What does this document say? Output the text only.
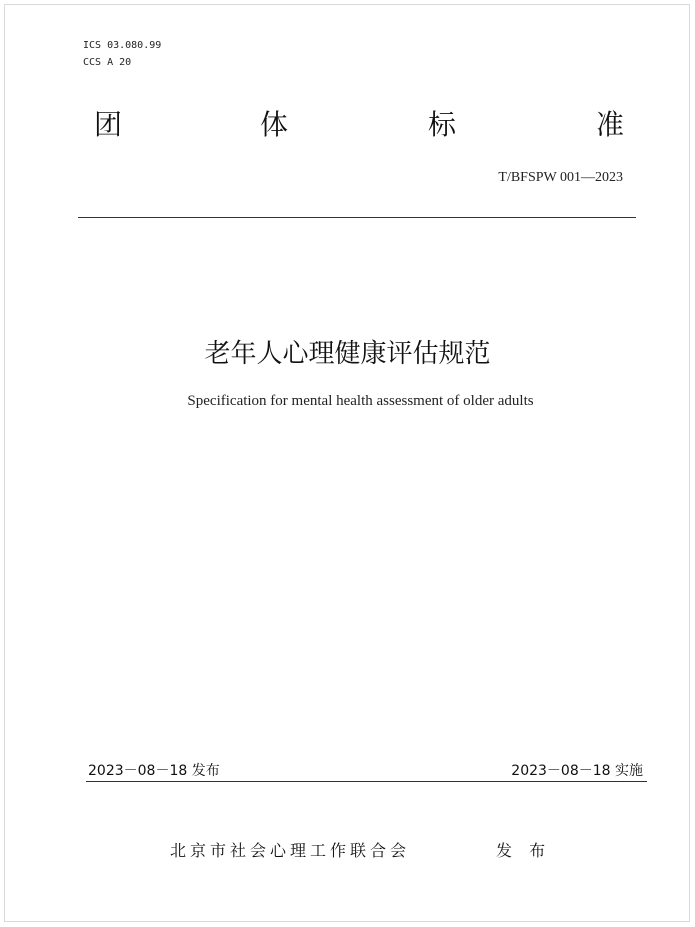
ICS 03.080.99
CCS A 20
团	体	标	准
T/BFSPW 001—2023
老年人心理健康评估规范
Specification for mental health assessment of older adults
2023－08－18 发布	2023－08－18 实施
北京市社会心理工作联合会	发 布
